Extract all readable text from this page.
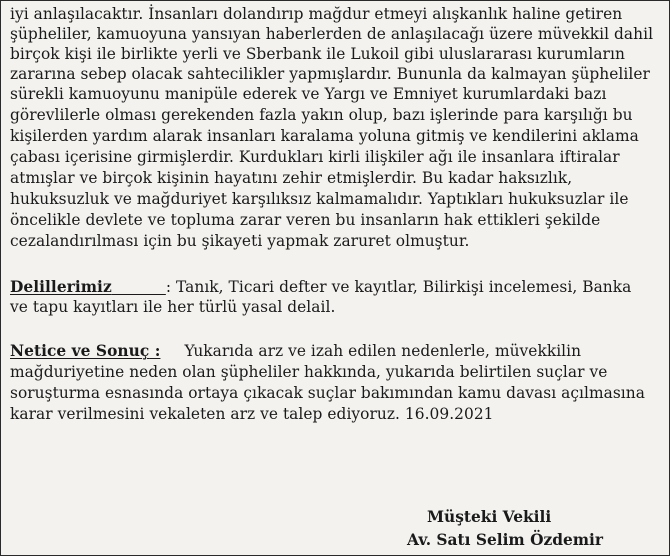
iyi anlaşılacaktır. İnsanları dolandırıp mağdur etmeyi alışkanlık haline getiren
şüpheliler, kamuoyuna yansıyan haberlerden de anlaşılacağı üzere müvekkil dahil
birçok kişi ile birlikte yerli ve Sberbank ile Lukoil gibi uluslararası kurumların
zararına sebep olacak sahtecilikler yapmışlardır. Bununla da kalmayan şüpheliler
sürekli kamuoyunu manipüle ederek ve Yargı ve Emniyet kurumlardaki bazı
görevlilerle olması gerekenden fazla yakın olup, bazı işlerinde para karşılığı bu
kişilerden yardım alarak insanları karalama yoluna gitmiş ve kendilerini aklama
çabası içerisine girmişlerdir. Kurdukları kirli ilişkiler ağı ile insanlara iftiralar
atmışlar ve birçok kişinin hayatını zehir etmişlerdir. Bu kadar haksızlık,
hukuksuzluk ve mağduriyet karşılıksız kalmamalıdır. Yaptıkları hukuksuzlar ile
öncelikle devlete ve topluma zarar veren bu insanların hak ettikleri şekilde
cezalandırılması için bu şikayeti yapmak zaruret olmuştur.
Delillerimiz	: Tanık, Ticari defter ve kayıtlar, Bilirkişi incelemesi, Banka
ve tapu kayıtları ile her türlü yasal delail.
Netice ve Sonuç : Yukarıda arz ve izah edilen nedenlerle, müvekkilin
mağduriyetine neden olan şüpheliler hakkında, yukarıda belirtilen suçlar ve
soruşturma esnasında ortaya çıkacak suçlar bakımından kamu davası açılmasına
karar verilmesini vekaleten arz ve talep ediyoruz. 16.09.2021
Müşteki Vekili
Av. Satı Selim Özdemir
